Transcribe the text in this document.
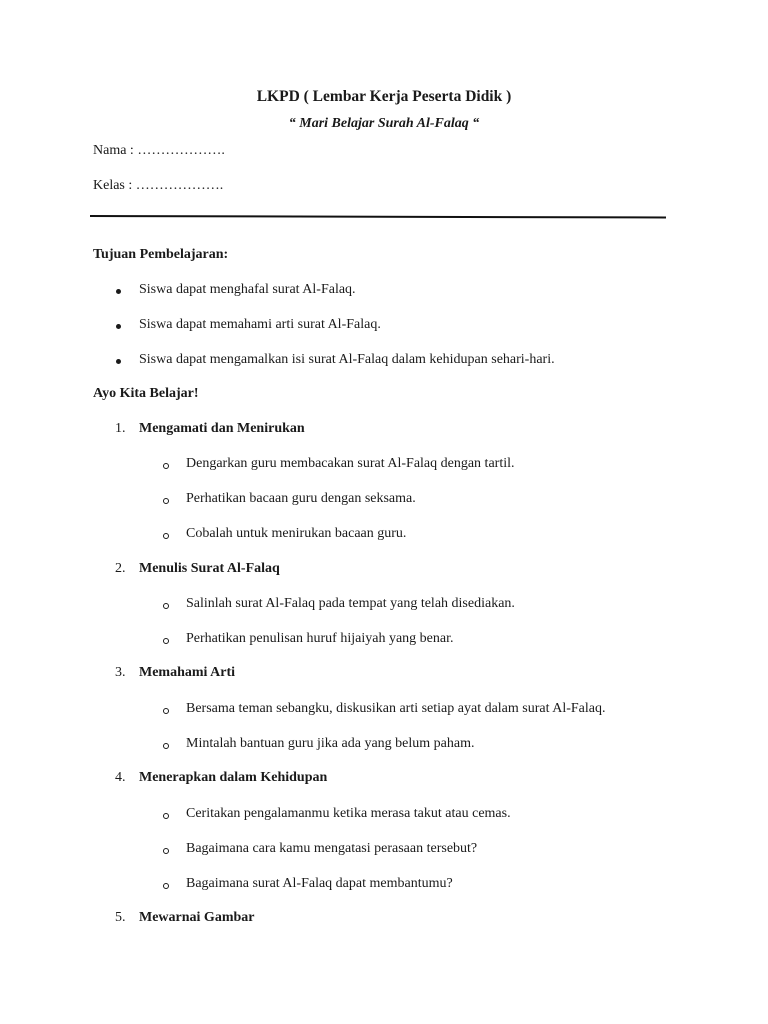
LKPD ( Lembar Kerja Peserta Didik )
“ Mari Belajar Surah Al-Falaq “
Nama : ……………….
Kelas : ……………….
Tujuan Pembelajaran:
Siswa dapat menghafal surat Al-Falaq.
Siswa dapat memahami arti surat Al-Falaq.
Siswa dapat mengamalkan isi surat Al-Falaq dalam kehidupan sehari-hari.
Ayo Kita Belajar!
1. Mengamati dan Menirukan
Dengarkan guru membacakan surat Al-Falaq dengan tartil.
Perhatikan bacaan guru dengan seksama.
Cobalah untuk menirukan bacaan guru.
2. Menulis Surat Al-Falaq
Salinlah surat Al-Falaq pada tempat yang telah disediakan.
Perhatikan penulisan huruf hijaiyah yang benar.
3. Memahami Arti
Bersama teman sebangku, diskusikan arti setiap ayat dalam surat Al-Falaq.
Mintalah bantuan guru jika ada yang belum paham.
4. Menerapkan dalam Kehidupan
Ceritakan pengalamanmu ketika merasa takut atau cemas.
Bagaimana cara kamu mengatasi perasaan tersebut?
Bagaimana surat Al-Falaq dapat membantumu?
5. Mewarnai Gambar
